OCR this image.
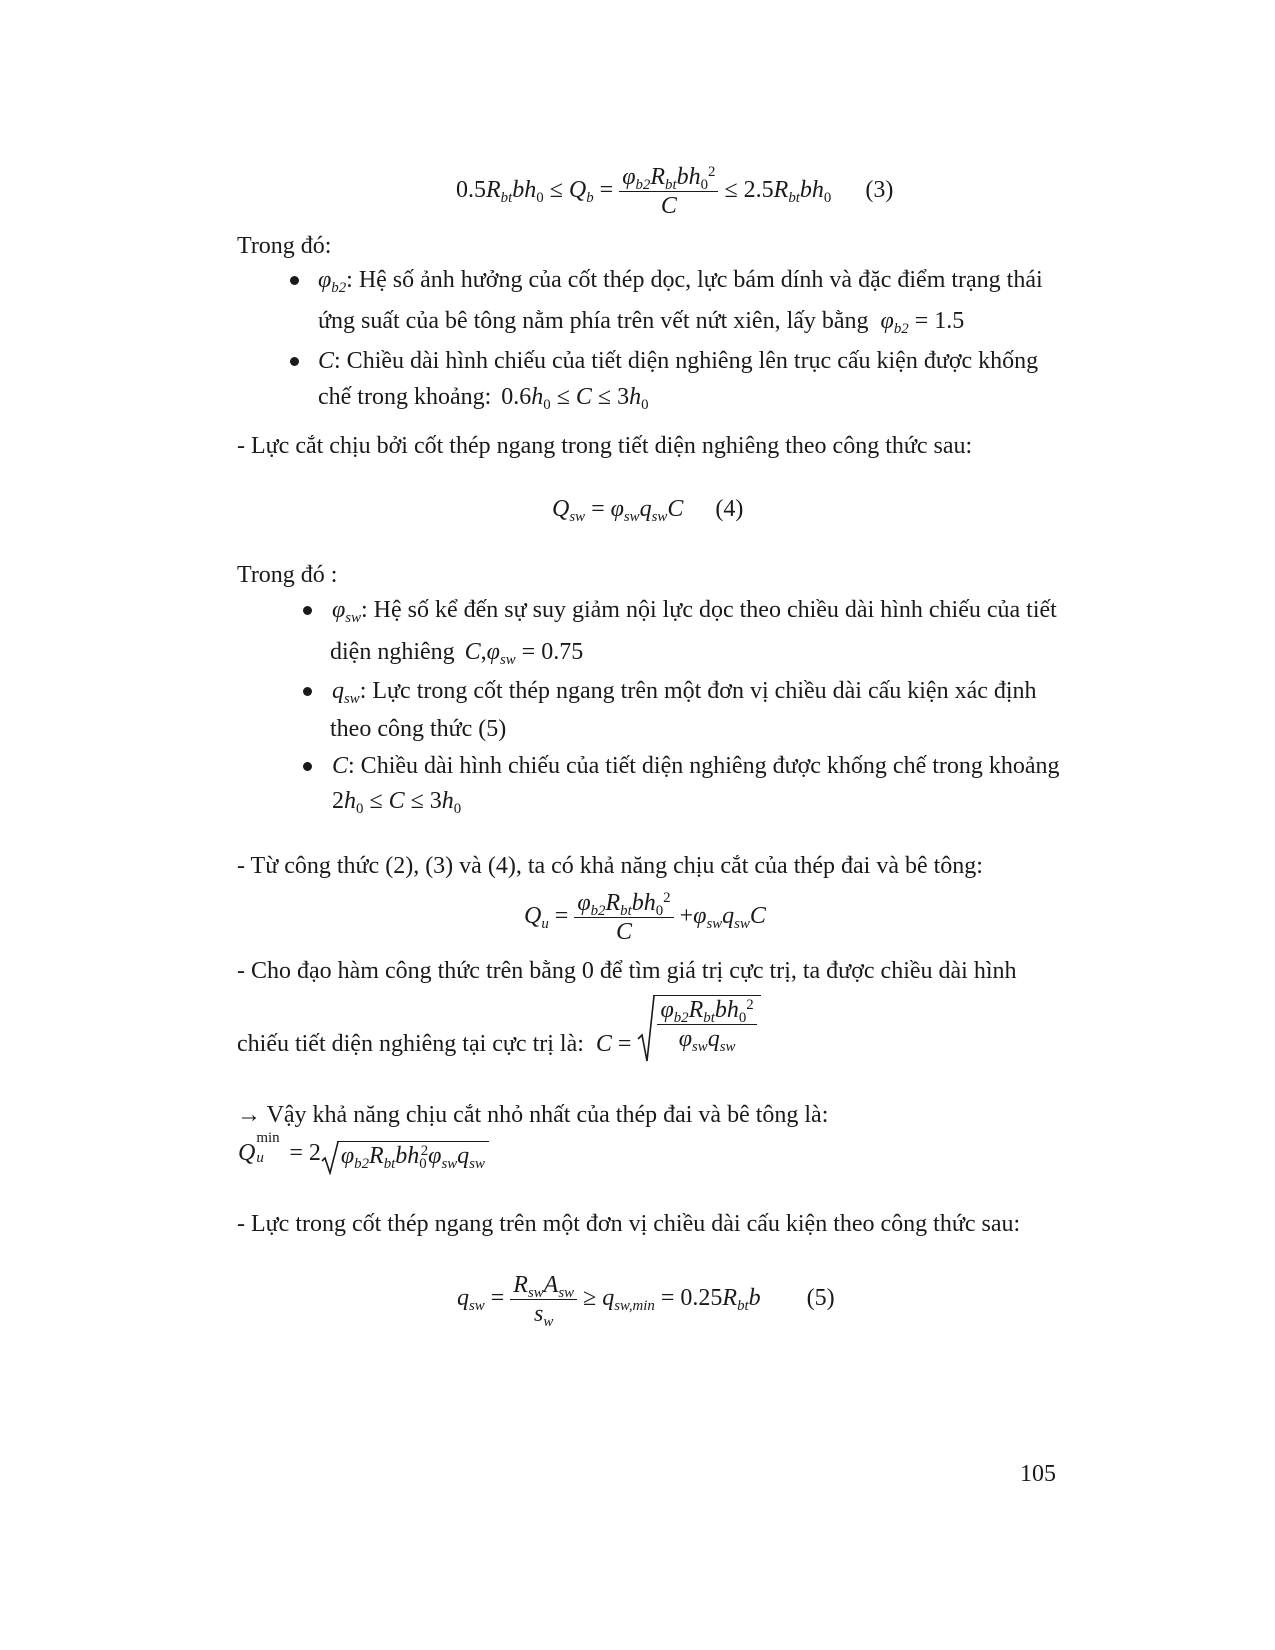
$0.5R_{bt}bh_0 \le Q_b = \frac{\varphi_{b2}R_{bt}bh_0^2}{C} \le 2.5R_{bt}bh_0$ (3)
Trong đó:
$\varphi_{b2}$: Hệ số ảnh hưởng của cốt thép dọc, lực bám dính và đặc điểm trạng thái
ứng suất của bê tông nằm phía trên vết nứt xiên, lấy bằng $\varphi_{b2} = 1.5$
C: Chiều dài hình chiếu của tiết diện nghiêng lên trục cấu kiện được khống
chế trong khoảng: $0.6h_0 \le C \le 3h_0$
- Lực cắt chịu bởi cốt thép ngang trong tiết diện nghiêng theo công thức sau:
$Q_{sw} = \varphi_{sw}q_{sw}C$ (4)
Trong đó :
$\varphi_{sw}$: Hệ số kể đến sự suy giảm nội lực dọc theo chiều dài hình chiếu của tiết
diện nghiêng $C,\varphi_{sw} = 0.75$
$q_{sw}$: Lực trong cốt thép ngang trên một đơn vị chiều dài cấu kiện xác định
theo công thức (5)
C: Chiều dài hình chiếu của tiết diện nghiêng được khống chế trong khoảng
$2h_0 \le C \le 3h_0$
- Từ công thức (2), (3) và (4), ta có khả năng chịu cắt của thép đai và bê tông:
$Q_u = \frac{\varphi_{b2}R_{bt}bh_0^2}{C} +\varphi_{sw}q_{sw}C$
- Cho đạo hàm công thức trên bằng 0 để tìm giá trị cực trị, ta được chiều dài hình
chiếu tiết diện nghiêng tại cực trị là: $C = \frac{\varphi_{b2}R_{bt}bh_0^2}{\varphi_{sw}q_{sw}}$
→ Vậy khả năng chịu cắt nhỏ nhất của thép đai và bê tông là:
Q u
min
= 2 $\varphi_{b2}R_{bt}bh_0^2\varphi_{sw}q_{sw}$
- Lực trong cốt thép ngang trên một đơn vị chiều dài cấu kiện theo công thức sau:
$q_{sw} = \frac{R_{sw}A_{sw}}{s_w} \ge q_{sw,min} = 0.25R_{bt}b$ (5)
105
